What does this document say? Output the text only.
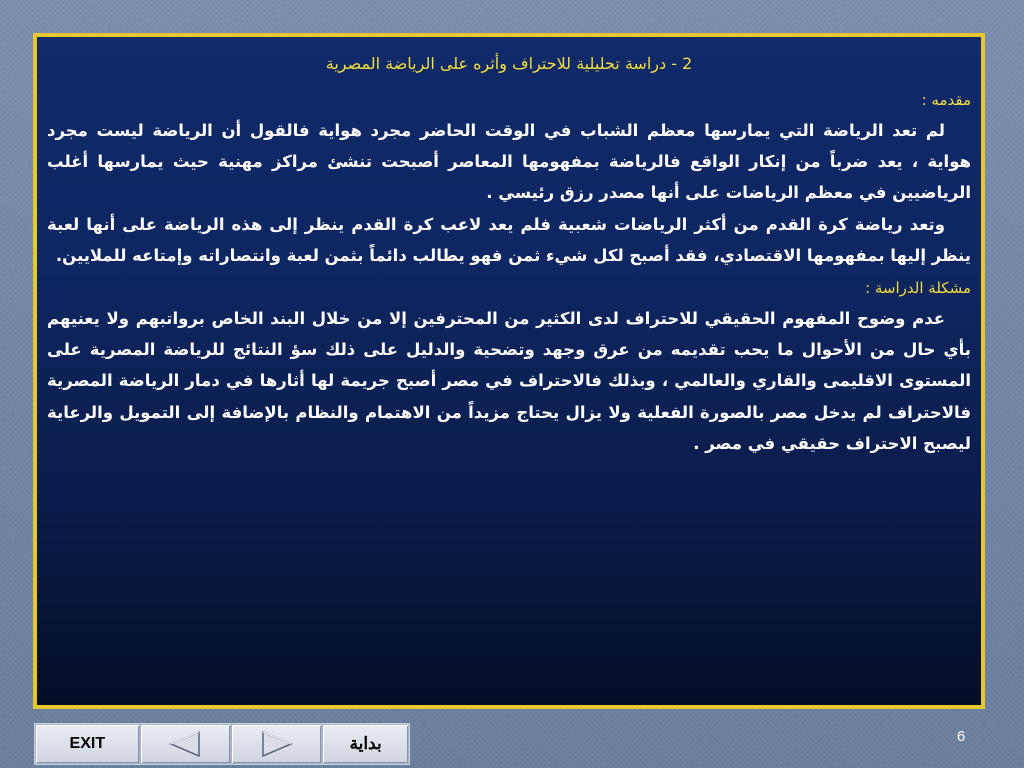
2 - دراسة تحليلية للاحتراف وأثره على الرياضة المصرية
مقدمه :

لم تعد الرياضة التي يمارسها معظم الشباب في الوقت الحاضر مجرد هواية فالقول أن الرياضة ليست مجرد هواية ، يعد ضرباً من إنكار الواقع فالرياضة بمفهومها المعاصر أصبحت تنشئ مراكز مهنية حيث يمارسها أغلب الرياضيين في معظم الرياضات على أنها مصدر رزق رئيسي .

وتعد رياضة كرة القدم من أكثر الرياضات شعبية فلم يعد لاعب كرة القدم ينظر إلى هذه الرياضة على أنها لعبة ينظر إليها بمفهومها الاقتصادي، فقد أصبح لكل شيء ثمن فهو يطالب دائماً بثمن لعبة وانتصاراته وإمتاعه للملايين.

مشكلة الدراسة :

عدم وضوح المفهوم الحقيقي للاحتراف لدى الكثير من المحترفين إلا من خلال البند الخاص برواتبهم ولا يعنيهم بأي حال من الأحوال ما يحب تقديمه من عرق وجهد وتضحية والدليل على ذلك سؤ النتائج للرياضة المصرية على المستوى الاقليمى والقاري والعالمي ، وبذلك فالاحتراف في مصر أصبح جريمة لها أثارها في دمار الرياضة المصرية فالاحتراف لم يدخل مصر بالصورة الفعلية ولا يزال يحتاج مزيداً من الاهتمام والنظام بالإضافة إلى التمويل والرعاية ليصبح الاحتراف حقيقي في مصر .

EXIT	بداية	6
